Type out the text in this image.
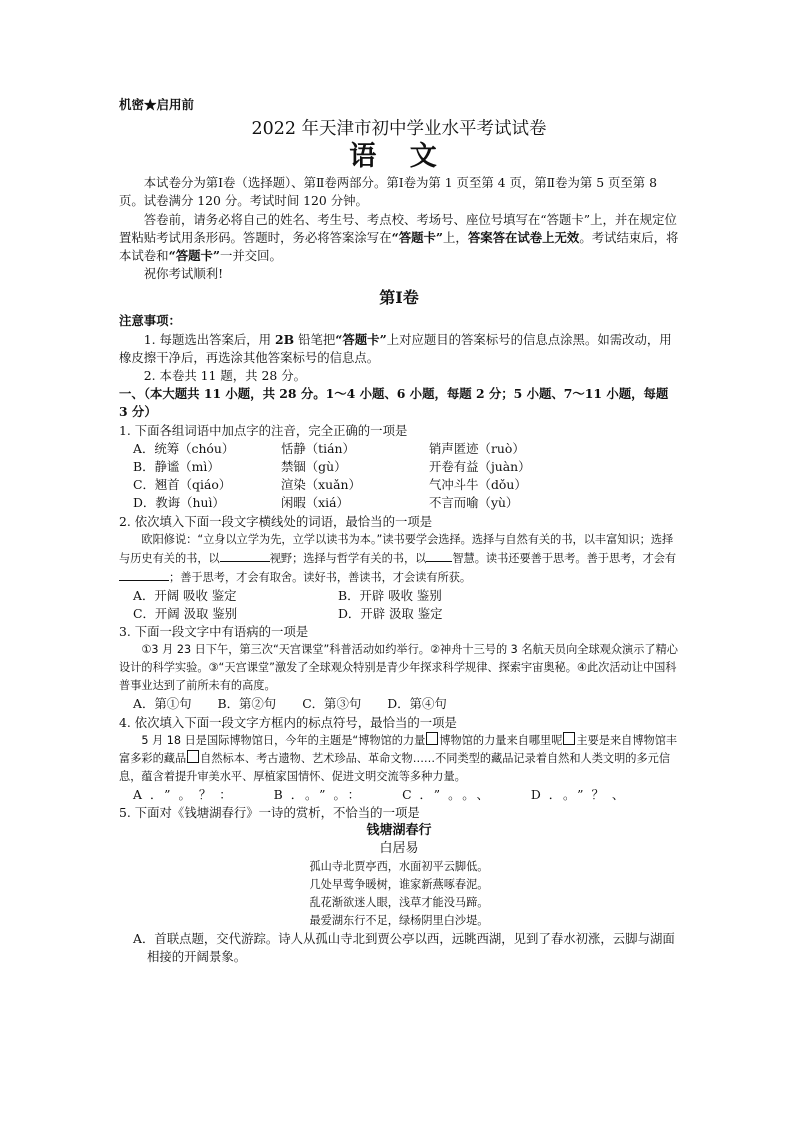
机密★启用前

2022 年天津市初中学业水平考试试卷

语 文

本试卷分为第Ⅰ卷（选择题）、第Ⅱ卷两部分。第Ⅰ卷为第 1 页至第 4 页，第Ⅱ卷为第 5 页至第 8 页。试卷满分 120 分。考试时间 120 分钟。

答卷前，请务必将自己的姓名、考生号、考点校、考场号、座位号填写在“答题卡”上，并在规定位置粘贴考试用条形码。答题时，务必将答案涂写在“答题卡”上，答案答在试卷上无效。考试结束后，将本试卷和“答题卡”一并交回。

祝你考试顺利!

第Ⅰ卷

注意事项：

1. 每题选出答案后，用 2B 铅笔把“答题卡”上对应题目的答案标号的信息点涂黑。如需改动，用橡皮擦干净后，再选涂其他答案标号的信息点。

2. 本卷共 11 题，共 28 分。

一、（本大题共 11 小题，共 28 分。1～4 小题、6 小题，每题 2 分；5 小题、7～11 小题，每题 3 分）

1. 下面各组词语中加点字的注音，完全正确的一项是

A．统筹（chóu）	恬静（tián）	销声匿迹（ruò）
B．静谧（mì）	禁锢（gù）	开卷有益（juàn）
C．翘首（qiáo）	渲染（xuǎn）	气冲斗牛（dǒu）
D．教诲（huì）	闲暇（xiá）	不言而喻（yù）

2. 依次填入下面一段文字横线处的词语，最恰当的一项是

欧阳修说：“立身以立学为先，立学以读书为本。”读书要学会选择。选择与自然有关的书，以丰富知识；选择与历史有关的书，以	视野；选择与哲学有关的书，以 智慧。读书还要善于思考。善于思考，才会有；善于思考，才会有取舍。读好书，善读书，才会读有所获。

A．开阔 吸收 鉴定	B．开辟 吸收 鉴别
C．开阔 汲取 鉴别	D．开辟 汲取 鉴定

3. 下面一段文字中有语病的一项是

①3 月 23 日下午，第三次“天宫课堂”科普活动如约举行。②神舟十三号的 3 名航天员向全球观众演示了精心设计的科学实验。③“天宫课堂”激发了全球观众特别是青少年探求科学规律、探索宇宙奥秘。④此次活动让中国科普事业达到了前所未有的高度。

A．第①句 B．第②句 C．第③句 D．第④句

4. 依次填入下面一段文字方框内的标点符号，最恰当的一项是

5 月 18 日是国际博物馆日，今年的主题是“博物馆的力量 博物馆的力量来自哪里呢 主要是来自博物馆丰富多彩的藏品 自然标本、考古遗物、艺术珍品、革命文物……不同类型的藏品记录着自然和人类文明的多元信息，蕴含着提升审美水平、厚植家国情怀、促进文明交流等多种力量。

A．”。？：	B．。”。：	C．”。。、	D．。”？、

5. 下面对《钱塘湖春行》一诗的赏析，不恰当的一项是

钱塘湖春行

白居易

孤山寺北贾亭西，水面初平云脚低。

几处早莺争暖树，谁家新燕啄春泥。

乱花渐欲迷人眼，浅草才能没马蹄。

最爱湖东行不足，绿杨阴里白沙堤。

A．首联点题，交代游踪。诗人从孤山寺北到贾公亭以西，远眺西湖，见到了春水初涨，云脚与湖面相接的开阔景象。
